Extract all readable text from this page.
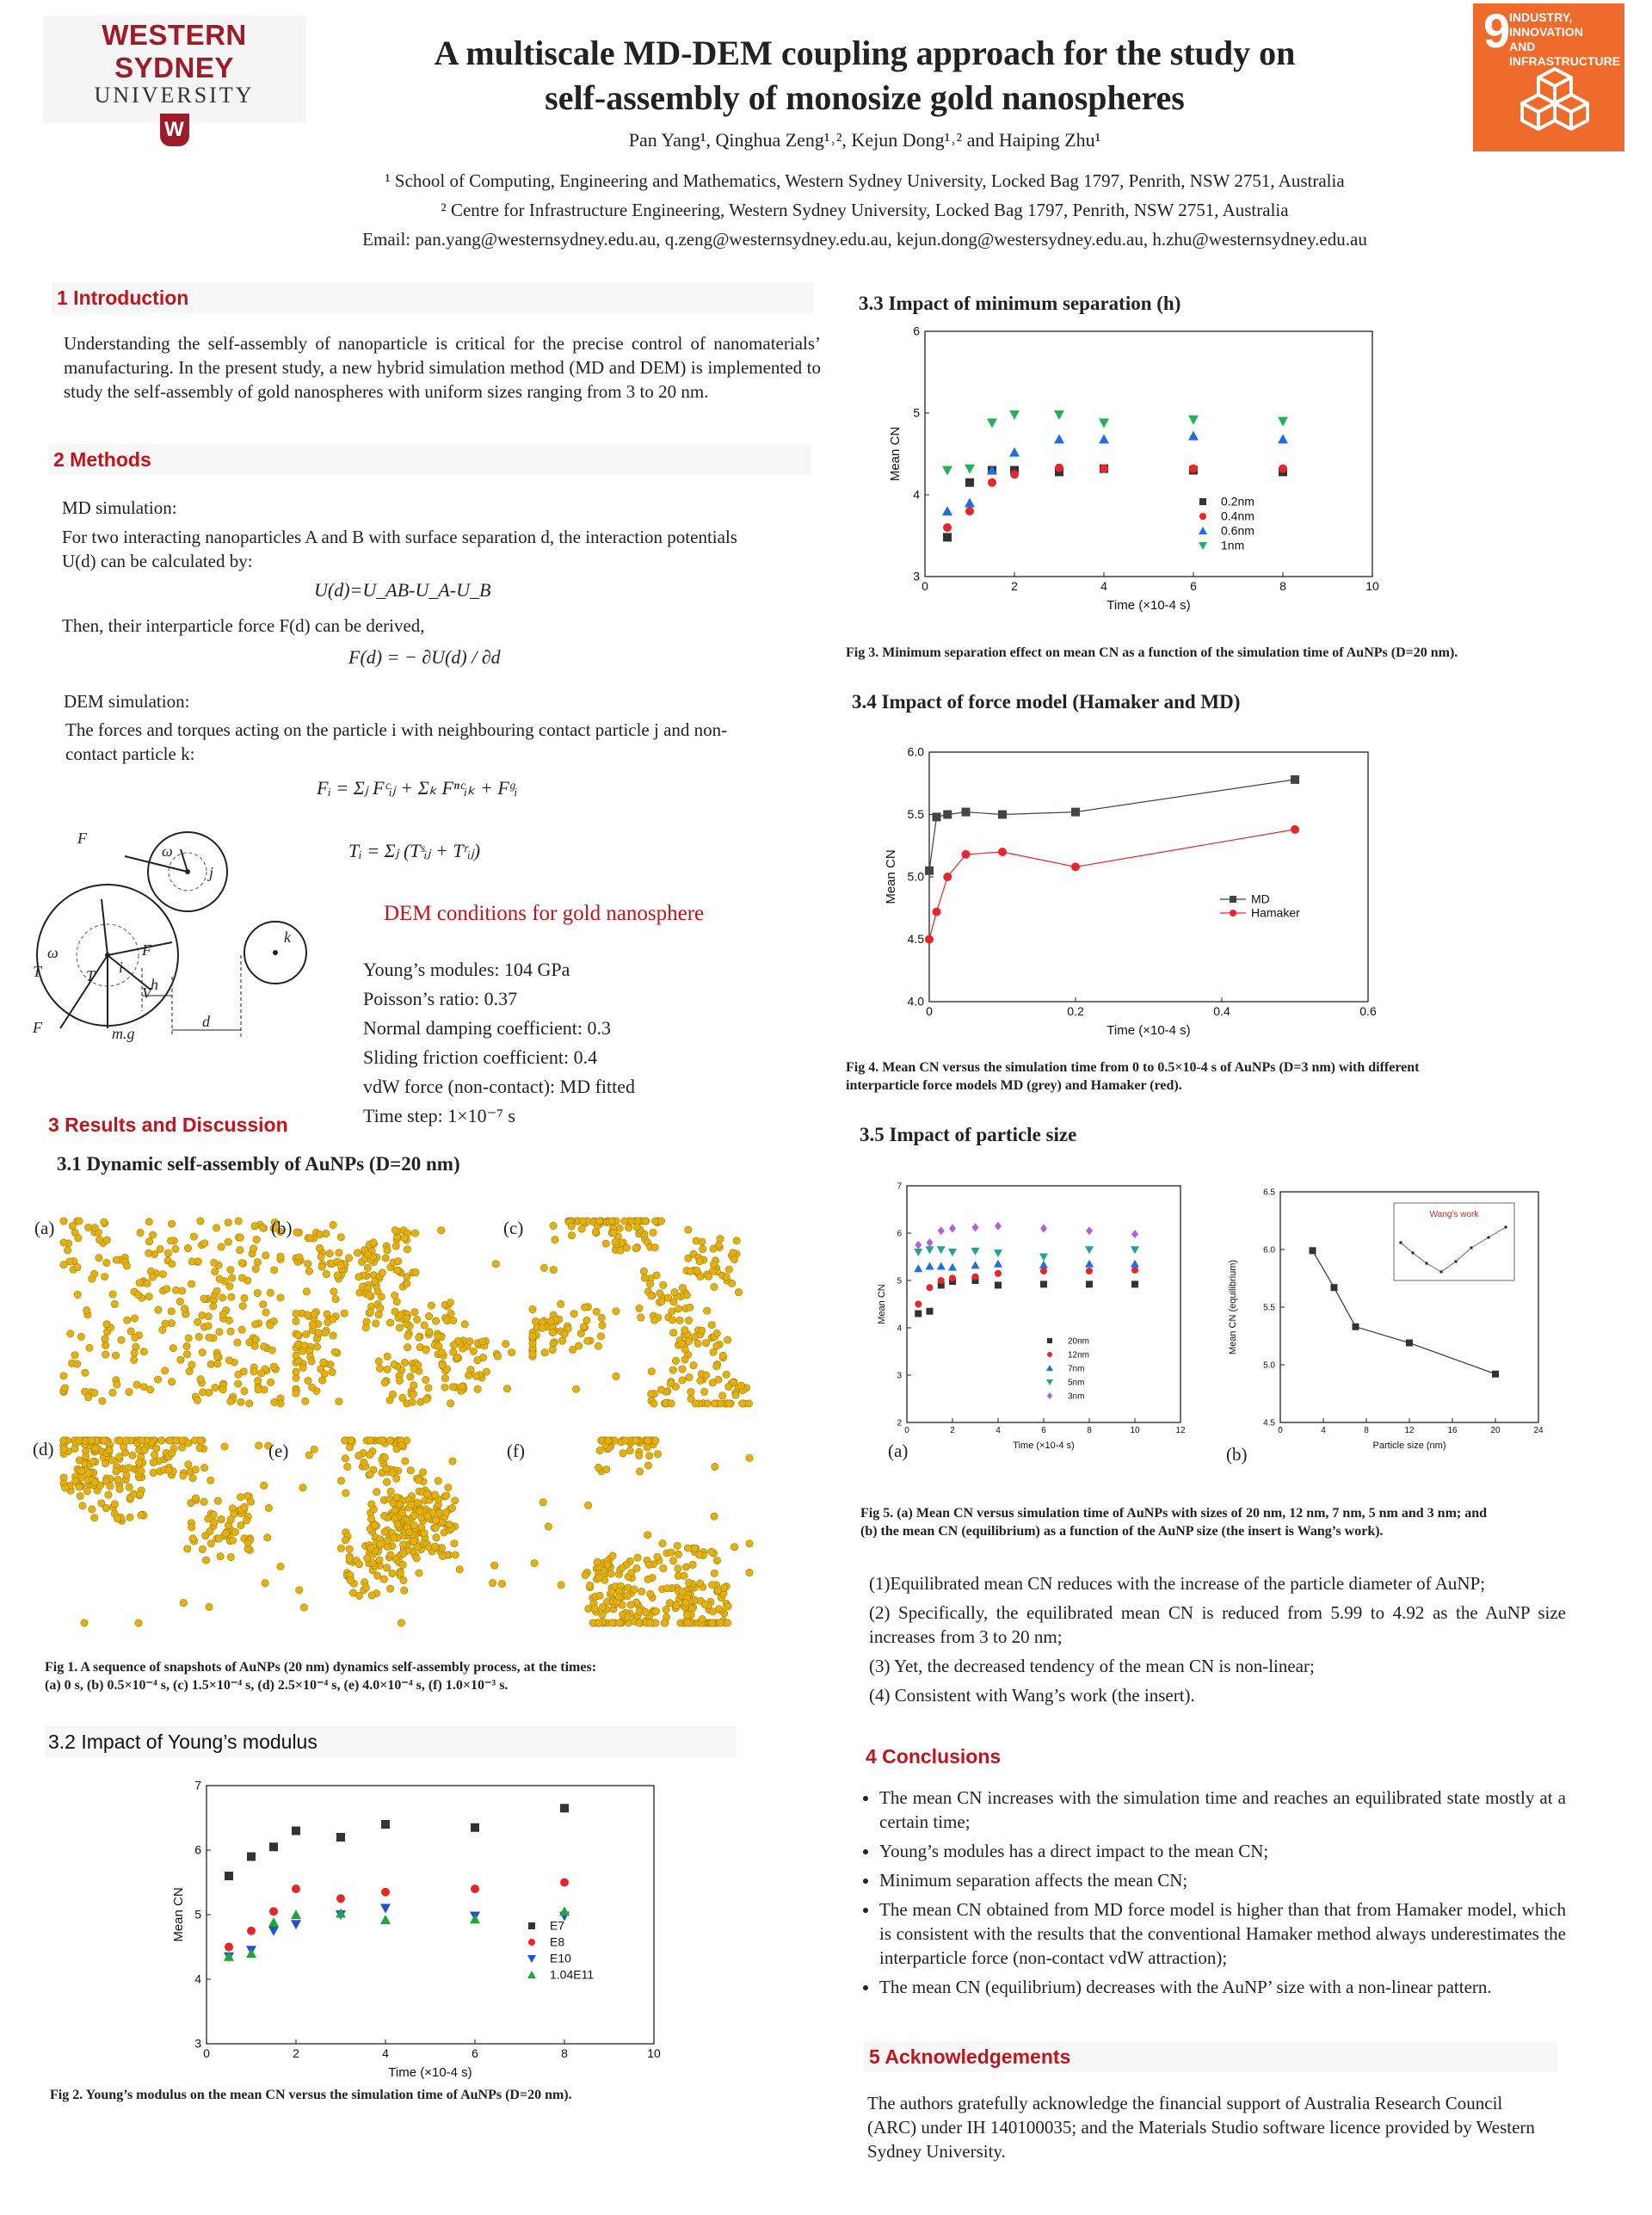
WESTERN SYDNEY
UNIVERSITY
W
9
INDUSTRY,
INNOVATION
AND INFRASTRUCTURE
A multiscale MD-DEM coupling approach for the study on
self-assembly of monosize gold nanospheres
Pan Yang¹, Qinghua Zeng¹˒², Kejun Dong¹˒² and Haiping Zhu¹
¹ School of Computing, Engineering and Mathematics, Western Sydney University, Locked Bag 1797, Penrith, NSW 2751, Australia
² Centre for Infrastructure Engineering, Western Sydney University, Locked Bag 1797, Penrith, NSW 2751, Australia
Email: pan.yang@westernsydney.edu.au, q.zeng@westernsydney.edu.au, kejun.dong@westersydney.edu.au, h.zhu@westernsydney.edu.au
1 Introduction
Understanding the self-assembly of nanoparticle is critical for the precise control of nanomaterials’ manufacturing. In the present study, a new hybrid simulation method (MD and DEM) is implemented to study the self-assembly of gold nanospheres with uniform sizes ranging from 3 to 20 nm.
2 Methods
MD simulation:
For two interacting nanoparticles A and B with surface separation d, the interaction potentials U(d) can be calculated by:
U(d)=U_AB-U_A-U_B
Then, their interparticle force F(d) can be derived,
F(d) = − ∂U(d) / ∂d
DEM simulation:
The forces and torques acting on the particle i with neighbouring contact particle j and non-contact particle k:
Fᵢ = Σⱼ Fᶜᵢⱼ + Σₖ Fⁿᶜᵢₖ + Fᵍᵢ
Tᵢ = Σⱼ (Tˢᵢⱼ + Tʳᵢⱼ)
F
ω
j
ω
T i
k
h
d
V
F
T
F	m.g
DEM conditions for gold nanosphere
Young’s modules: 104 GPa
Poisson’s ratio: 0.37
Normal damping coefficient: 0.3
Sliding friction coefficient: 0.4
vdW force (non-contact): MD fitted
Time step: 1×10⁻⁷ s
3 Results and Discussion
3.1 Dynamic self-assembly of AuNPs (D=20 nm)
(a)	(b)	(c)
(d)	(e)	(f)
Fig 1. A sequence of snapshots of AuNPs (20 nm) dynamics self-assembly process, at the times:
(a) 0 s, (b) 0.5×10⁻⁴ s, (c) 1.5×10⁻⁴ s, (d) 2.5×10⁻⁴ s, (e) 4.0×10⁻⁴ s, (f) 1.0×10⁻³ s.
3.2 Impact of Young’s modulus
0	2	4	6	8	10
3
4
5
6
7
Time (×10-4 s)
Mean CN	E7
E8
E10
1.04E11
Fig 2. Young’s modulus on the mean CN versus the simulation time of AuNPs (D=20 nm).
3.3 Impact of minimum separation (h)
0	2	4	6	8	10
3
4
5
6
Time (×10-4 s)
Mean CN
0.2nm
0.4nm
0.6nm
1nm
Fig 3. Minimum separation effect on mean CN as a function of the simulation time of AuNPs (D=20 nm).
3.4 Impact of force model (Hamaker and MD)
0	0.2	0.4	0.6
4.0
4.5
5.0
5.5
6.0
Time (×10-4 s)
Mean CN	MD
Hamaker
Fig 4. Mean CN versus the simulation time from 0 to 0.5×10-4 s of AuNPs (D=3 nm) with different
interparticle force models MD (grey) and Hamaker (red).
3.5 Impact of particle size
0	2	4	6	8	10	12
2
3
4
5
6
7
Time (×10-4 s)
Mean CN
20nm
12nm
7nm
5nm
3nm
0	4	8	12	16	20	24
4.5
5.0
5.5
6.0
6.5
Particle size (nm)
Mean CN (equilibrium)
Wang’s work
(a)	(b)
Fig 5. (a) Mean CN versus simulation time of AuNPs with sizes of 20 nm, 12 nm, 7 nm, 5 nm and 3 nm; and
(b) the mean CN (equilibrium) as a function of the AuNP size (the insert is Wang’s work).
(1)Equilibrated mean CN reduces with the increase of the particle diameter of AuNP;
(2) Specifically, the equilibrated mean CN is reduced from 5.99 to 4.92 as the AuNP size increases from 3 to 20 nm;
(3) Yet, the decreased tendency of the mean CN is non-linear;
(4) Consistent with Wang’s work (the insert).
4 Conclusions
• The mean CN increases with the simulation time and reaches an equilibrated state mostly at a certain time;
• Young’s modules has a direct impact to the mean CN;
• Minimum separation affects the mean CN;
• The mean CN obtained from MD force model is higher than that from Hamaker model, which is consistent with the results that the conventional Hamaker method always underestimates the interparticle force (non-contact vdW attraction);
• The mean CN (equilibrium) decreases with the AuNP’ size with a non-linear pattern.
5 Acknowledgements
The authors gratefully acknowledge the financial support of Australia Research Council (ARC) under IH 140100035; and the Materials Studio software licence provided by Western Sydney University.
